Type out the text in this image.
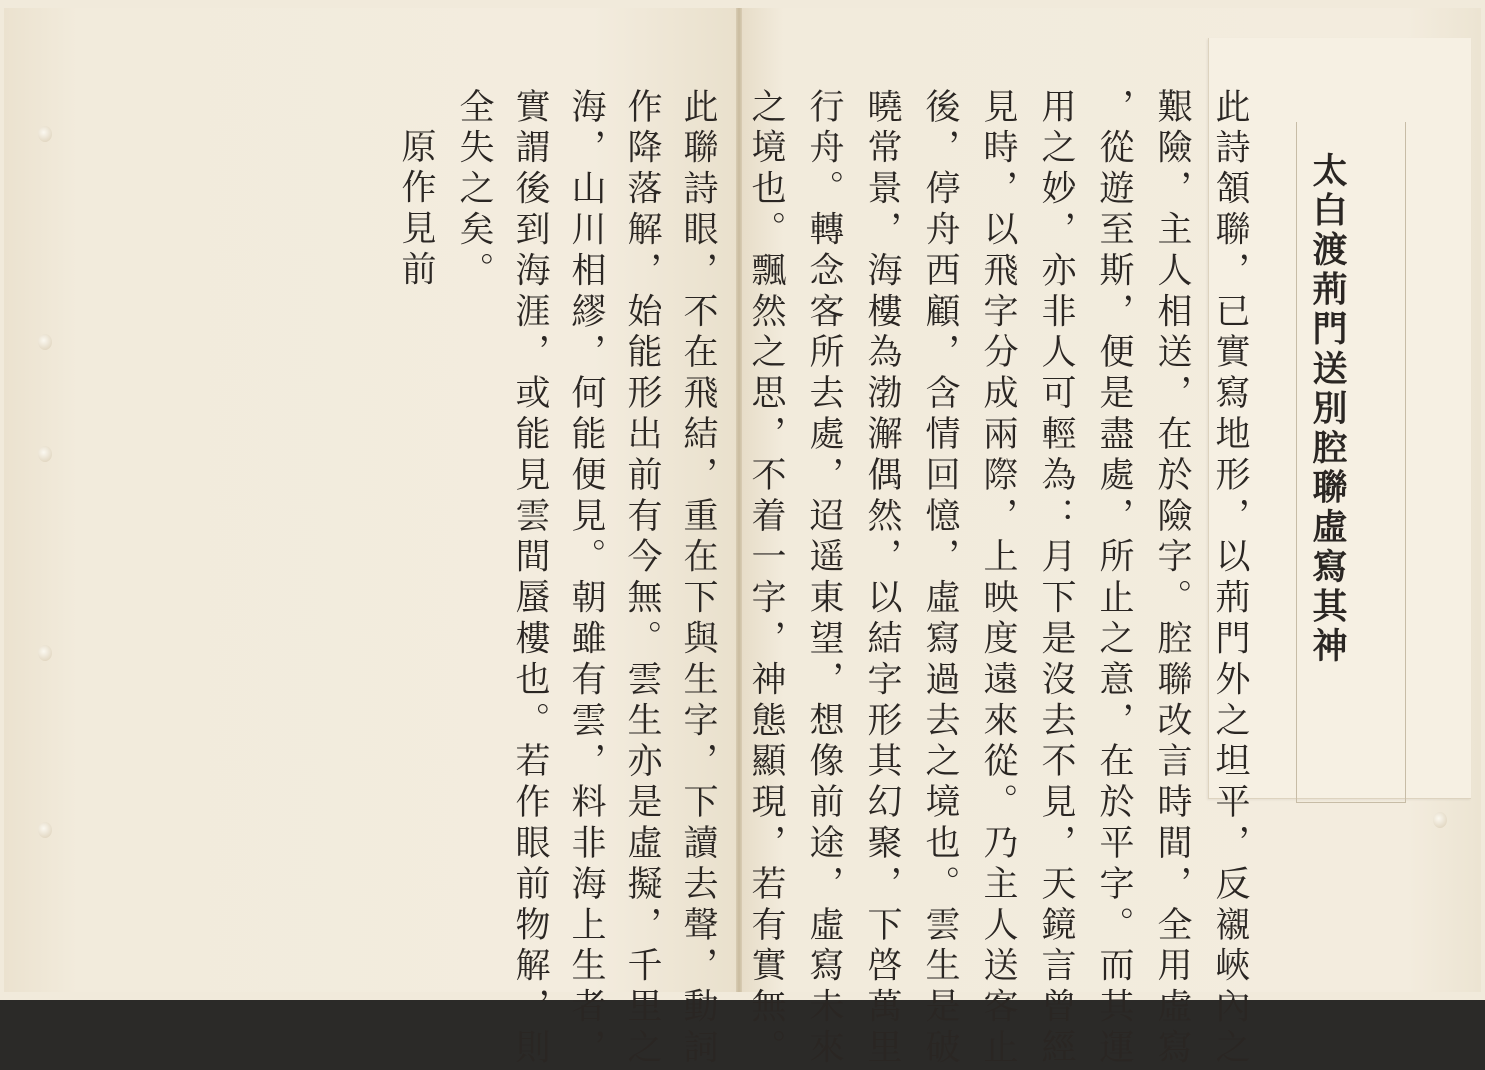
太白渡荊門送別腔聯虛寫其神
此詩頷聯，已實寫地形，以荊門外之坦平，反襯峽內之
艱險，主人相送，在於險字。腔聯改言時間，全用虛寫
，從遊至斯，便是盡處，所止之意，在於平字。而其運
用之妙，亦非人可輕為：月下是沒去不見，天鏡言曾經
見時，以飛字分成兩際，上映度遠來從。乃主人送客止
後，停舟西顧，含情回憶，虛寫過去之境也。雲生是破
曉常景，海樓為渤澥偶然，以結字形其幻聚，下啓萬里
行舟。轉念客所去處，迢遥東望，想像前途，虛寫未來
此聯詩眼，不在飛結，重在下與生字，下讀去聲，動詞
作降落解，始能形出前有今無。雲生亦是虛擬，千里之
海，山川相繆，何能便見。朝雖有雲，料非海上生者，
實謂後到海涯，或能見雲間蜃樓也。若作眼前物解，則
全失之矣。
原作見前	之境也。飄然之思，不着一字，神態顯現，若有實無。
